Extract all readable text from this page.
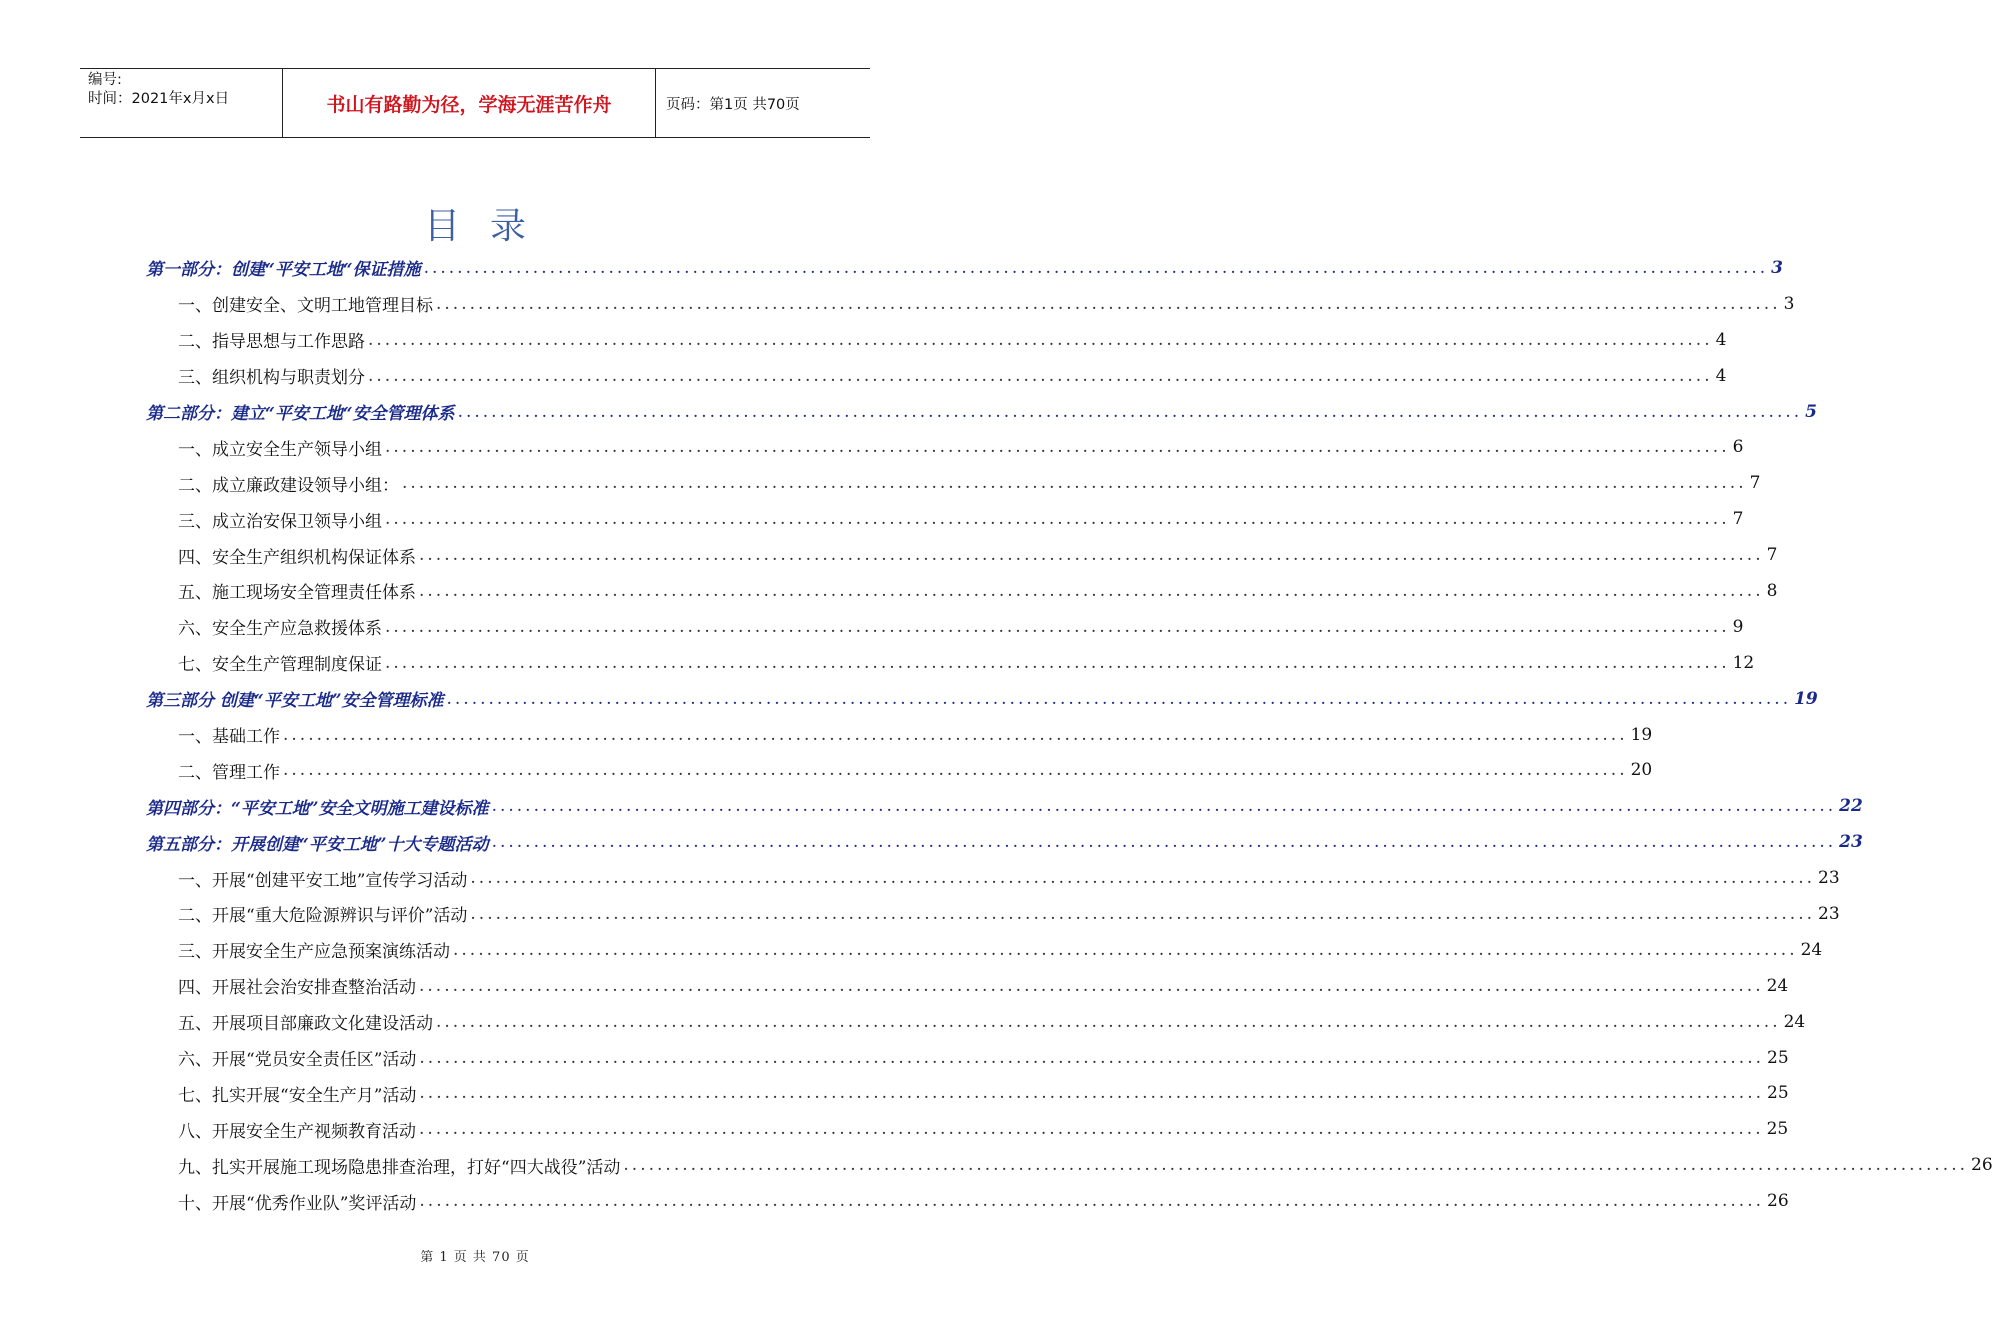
编号:
时间：2021年x月x日	书山有路勤为径，学海无涯苦作舟	页码：第1页 共70页
目录
第一部分：创建“平安工地“保证措施 ................................................................................................................................................................ 3
一、创建安全、文明工地管理目标 ................................................................................................................................................................ 3
二、指导思想与工作思路 ................................................................................................................................................................ 4
三、组织机构与职责划分 ................................................................................................................................................................ 4
第二部分：建立“平安工地“安全管理体系 ................................................................................................................................................................ 5
一、成立安全生产领导小组 ................................................................................................................................................................ 6
二、成立廉政建设领导小组： ................................................................................................................................................................ 7
三、成立治安保卫领导小组 ................................................................................................................................................................ 7
四、安全生产组织机构保证体系 ................................................................................................................................................................ 7
五、施工现场安全管理责任体系 ................................................................................................................................................................ 8
六、安全生产应急救援体系 ................................................................................................................................................................ 9
七、安全生产管理制度保证 ................................................................................................................................................................ 12
第三部分 创建“平安工地”安全管理标准 ................................................................................................................................................................ 19
一、基础工作 ................................................................................................................................................................ 19
二、管理工作 ................................................................................................................................................................ 20
第四部分：“平安工地”安全文明施工建设标准 ................................................................................................................................................................ 22
第五部分：开展创建“平安工地”十大专题活动 ................................................................................................................................................................ 23
一、开展“创建平安工地”宣传学习活动 ................................................................................................................................................................ 23
二、开展“重大危险源辨识与评价”活动 ................................................................................................................................................................ 23
三、开展安全生产应急预案演练活动 ................................................................................................................................................................ 24
四、开展社会治安排查整治活动 ................................................................................................................................................................ 24
五、开展项目部廉政文化建设活动 ................................................................................................................................................................ 24
六、开展“党员安全责任区”活动 ................................................................................................................................................................ 25
七、扎实开展“安全生产月”活动 ................................................................................................................................................................ 25
八、开展安全生产视频教育活动 ................................................................................................................................................................ 25
九、扎实开展施工现场隐患排查治理，打好“四大战役”活动 ................................................................................................................................................................ 26
十、开展“优秀作业队”奖评活动 ................................................................................................................................................................ 26
第 1 页 共 70 页
